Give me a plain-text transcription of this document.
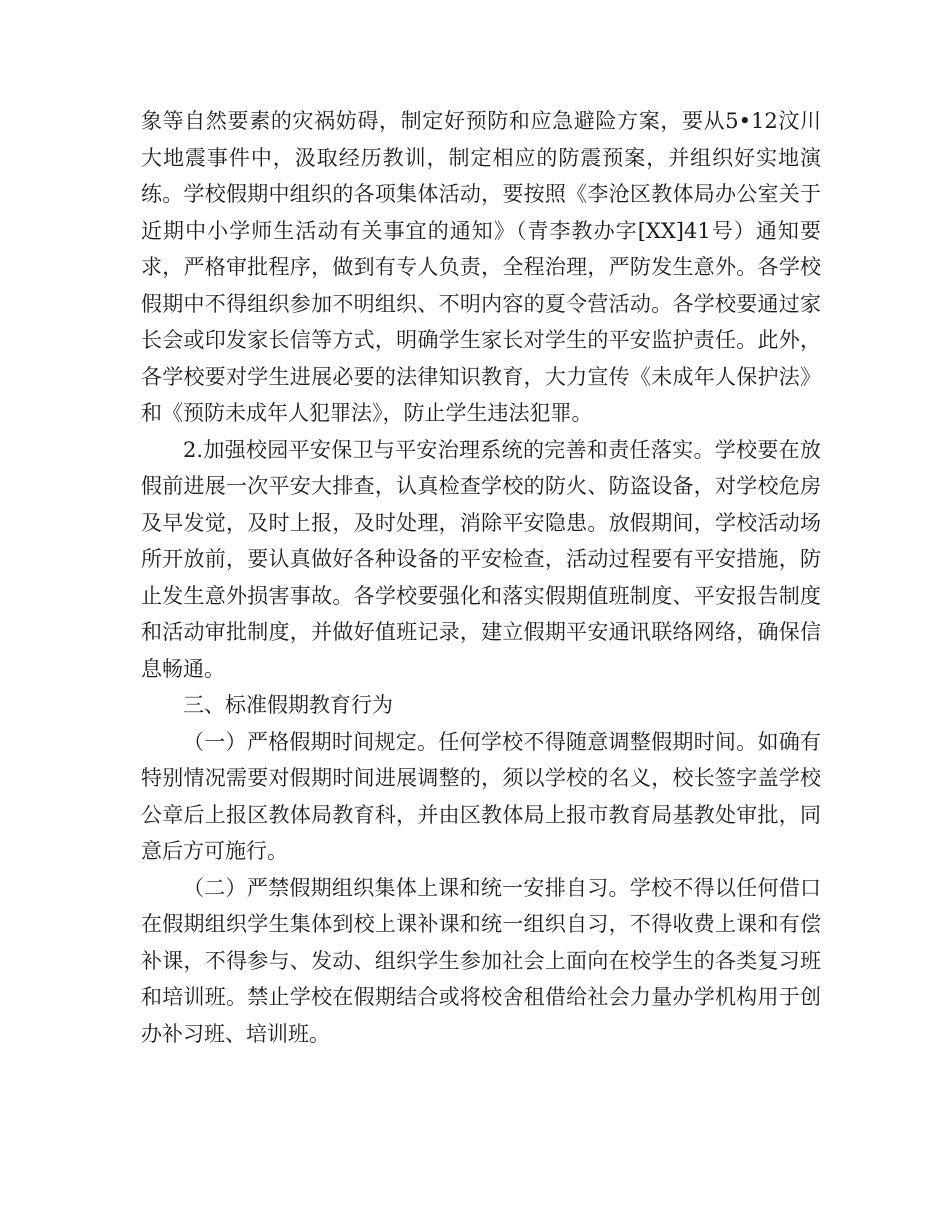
象等自然要素的灾祸妨碍，制定好预防和应急避险方案，要从5•12汶川大地震事件中，汲取经历教训，制定相应的防震预案，并组织好实地演练。学校假期中组织的各项集体活动，要按照《李沧区教体局办公室关于近期中小学师生活动有关事宜的通知》（青李教办字[XX]41号）通知要求，严格审批程序，做到有专人负责，全程治理，严防发生意外。各学校假期中不得组织参加不明组织、不明内容的夏令营活动。各学校要通过家长会或印发家长信等方式，明确学生家长对学生的平安监护责任。此外，各学校要对学生进展必要的法律知识教育，大力宣传《未成年人保护法》和《预防未成年人犯罪法》，防止学生违法犯罪。

2.加强校园平安保卫与平安治理系统的完善和责任落实。学校要在放假前进展一次平安大排查，认真检查学校的防火、防盗设备，对学校危房及早发觉，及时上报，及时处理，消除平安隐患。放假期间，学校活动场所开放前，要认真做好各种设备的平安检查，活动过程要有平安措施，防止发生意外损害事故。各学校要强化和落实假期值班制度、平安报告制度和活动审批制度，并做好值班记录，建立假期平安通讯联络网络，确保信息畅通。

三、标准假期教育行为

（一）严格假期时间规定。任何学校不得随意调整假期时间。如确有特别情况需要对假期时间进展调整的，须以学校的名义，校长签字盖学校公章后上报区教体局教育科，并由区教体局上报市教育局基教处审批，同意后方可施行。

（二）严禁假期组织集体上课和统一安排自习。学校不得以任何借口在假期组织学生集体到校上课补课和统一组织自习，不得收费上课和有偿补课，不得参与、发动、组织学生参加社会上面向在校学生的各类复习班和培训班。禁止学校在假期结合或将校舍租借给社会力量办学机构用于创办补习班、培训班。
